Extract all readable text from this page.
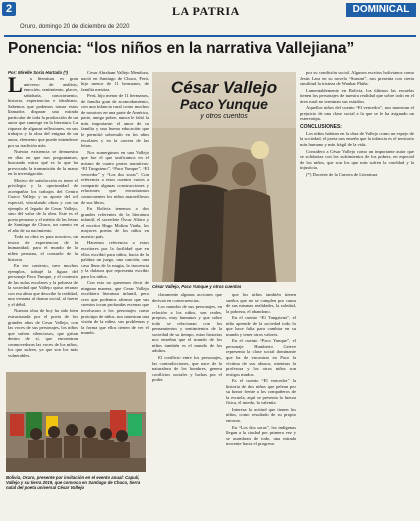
2	LA PATRIA
Oruro, domingo 20 de diciembre de 2020
DOMINICAL
Ponencia: “los niños en la narrativa Vallejiana”

Por: Mirelle Soria Hurtado (*)

L	a literatura es gran universo de análisis, emoción, sentimiento, placer, sabiduría, conocimiento, historia, experiencias e idealismo. Sabemos que podemos tomar estos llamados disparar una mirada particular de toda la producción de un autor que sumerge en la literatura. La riqueza de algunas reflexiones, en sus trabajos y la obra del enigma de un autor, elemento que puede entenderse por su tradición más.

Nuestra existencia se demuestra en días en que nos preguntamos, buscando mirar qué es lo que ha provocado la transmisión de la mano en la investigación.

Motivo de satisfacción es tener el privilegio y la oportunidad de acompañar los trabajos del Centro Cuzco Vallejo y su aporte del rol especial, vinculando obras y con un ejemplo el legado de Cesar Vallejo, sino del valor de la obra. Este es el poeta peruano y el mérito de las letras de Santiago de Chuco, un cuento en el año de su nacimiento.

Toda su obra es para nosotros, un tesoro de experiencias de la humanidad, para el mundo de la niñez peruana, el consuelo de la historia.

En ese contexto, tuve muchos ejemplos, trabajé la figura del personaje Paco Yunque, y el contexto de las aulas escolares y la pobreza de la sociedad que Vallejo quiso retratar con esa alma que describe la realidad, una ventana al drama social, al fuerte y el débil.

Nuestra obra de hoy ha sido bien estructurada por el poeta de los grandes años de Cesar Vallejo, con las voces de sus personajes, los niños que sufren silenciosos, que gritan dentro de sí, que encuentran conmovedoras las voces de los niños, los que sufren, ya que son los más vulnerables.

Cesar Abraham Vallejo Mendoza, nació en Santiago de Chuco, Perú, hijo menor de 11 hermanos, de familia mestiza.

Perú, hijo menor de 11 hermanos, de familia gran de acomodamiento, con una infancia rural como muchos de nosotros en una parte de América, parte, amigo pobre, nunca le faltó la más importante: el amor de su familia y una buena educación que le permitió sobresalir en los años escolares y en la carrera de las letras.

Nos sumergimos en una Vallejo que fue el que unificamos en el mismo de cuatro partes narrativas: “El Tungsteno”, “Paco Yunque”, “El vencedor” y “Los dos soras”. Con referencia a estos cuentos varios a compartir algunas construcciones y relaciones que encontramos consecuentes los niños maravillosos de sus libros.

En Bolivia tenemos a dos grandes referentes de la literatura infantil, el sacerdote Óscar Alfaro y el escritor Hugo Molina Viaña, los mayores poetas de los niños en nuestro país.

Hacemos referencia a estos escritores por la facilidad que en ellos escribió para niños, hacia de la palabra un juego, una canción, una casa llena de la magia, la inocencia y la dulzura que representa escribir para los niños.

Con esto no queremos decir de ninguna manera, que Cesar Vallejo escribiera literatura infantil, pero creo que podemos afirmar que sus cuentos tocan profundas escenas que involucran a los personajes como prototipo de niños, nos muestran una visión de la niñez, sus problemas y la forma que ellos tienen de ver el mundo.

César Vallejo
Paco Yunque
y otros cuentos
César Vallejo, Paco Yunque y otros cuentos

por su condición social. Algunos escritos bolivianos como Jesús Lara en su novela “Surumi”, nos presenta con cierta similitud la tristeza de Wankar Phiña.

Lamentablemente en Bolivia, los últimos las escuelas tienen los personajes de nuestra realidad que sobre todo en el área rural no terminan sus estudios.

Aquellos niños del cuento “El vencedor”, nos muestran el prejuicio de una clase social a la que se le ha asignado un estereotipo.

CONCLUSIONES:

Los niños habitan en la obra de Vallejo como un espejo de la sociedad, el poeta nos enseña que la infancia es el territorio más humano y más frágil de la vida.

Considero a César Vallejo como un importante autor que se solidariza con los sufrimientos de los pobres, en especial de los niños, que son los que más sufren la crueldad y la injusticia.

(*) Docente de la Carrera de Literatura

claramente algunas acciones que derivan en consecuencias.

Los mundos de sus personajes, en relación a los niños, son reales, propios, muy humanos y que sobre todo se relacionan con los pensamientos y sentimientos de la sociedad de su tiempo, estas historias nos enseñan que el mundo de los niños también es el mundo de los adultos.

El conflicto entre los personajes, las contradicciones, que nace de la naturaleza de los hombres, genera conflictos sociales y luchas por el poder.

que los niños también tienen sueños que no se cumplen por causa de sus mismas realidades, la soledad, la pobreza, el abandono.

En el cuento “El Tungsteno”, el niño aprende de la sociedad todo lo que hace falta para cambiar en su mundo y tener otros valores.

En el cuento “Paco Yunque”, el personaje Humberto Grieve representa la clase social dominante que ha de encontrar en Paco la víctima de sus abusos, mientras la profesora y los otros niños son testigos mudos.

Es el cuento “El vencedor” la historia de dos niños que pelean por su honor frente a los compañeros de la escuela, aquí se presenta la fuerza física, el miedo, la valentía.

Interesa la actitud que tienen los niños, como resultado de su propio entorno.

En “Los dos soras”, los indígenas llegan a la ciudad por primera vez y se asombran de todo, una mirada inocente hacia el progreso.

Bolivia, Oruro, presente por invitación en el evento anual: Capulí, Vallejo y su tierra 2019, que convoca en Santiago de Chuco, tierra natal del poeta universal César Vallejo
